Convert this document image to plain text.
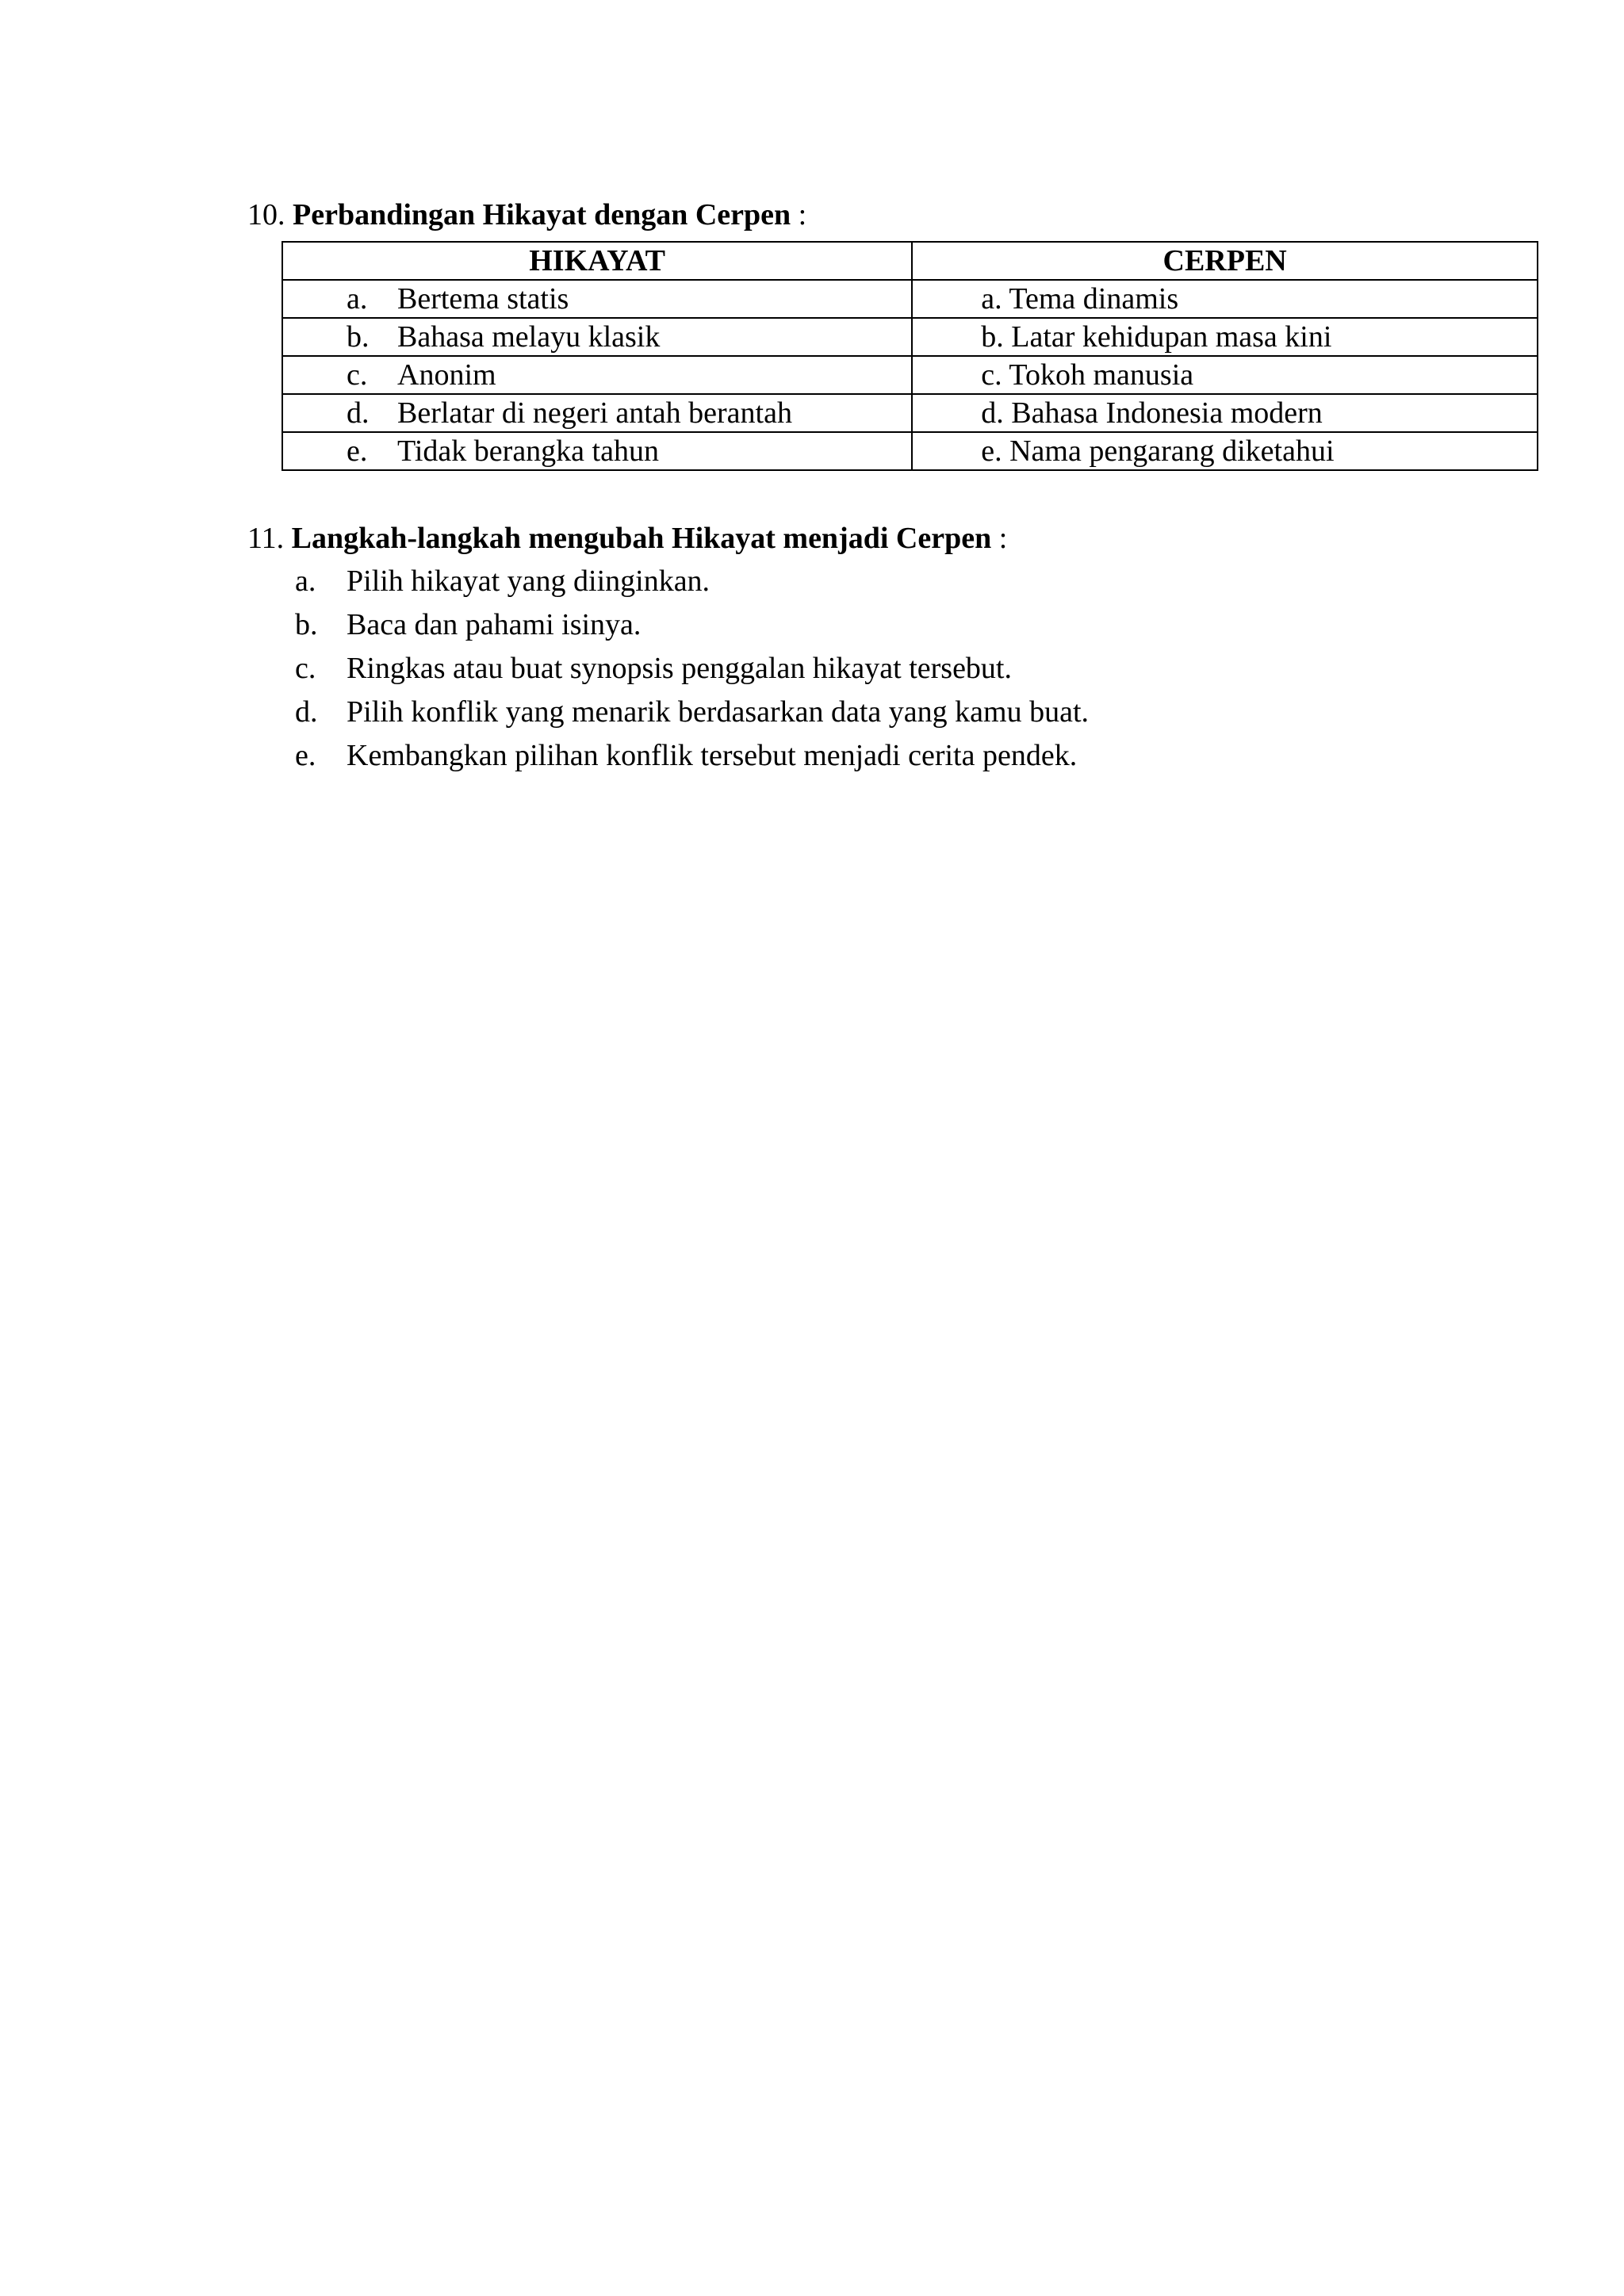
10. Perbandingan Hikayat dengan Cerpen :
HIKAYAT	CERPEN
a. Bertema statis	a. Tema dinamis
b. Bahasa melayu klasik	b. Latar kehidupan masa kini
c. Anonim	c. Tokoh manusia
d. Berlatar di negeri antah berantah	d. Bahasa Indonesia modern
e. Tidak berangka tahun	e. Nama pengarang diketahui
11. Langkah-langkah mengubah Hikayat menjadi Cerpen :
a. Pilih hikayat yang diinginkan.
b. Baca dan pahami isinya.
c. Ringkas atau buat synopsis penggalan hikayat tersebut.
d. Pilih konflik yang menarik berdasarkan data yang kamu buat.
e. Kembangkan pilihan konflik tersebut menjadi cerita pendek.
